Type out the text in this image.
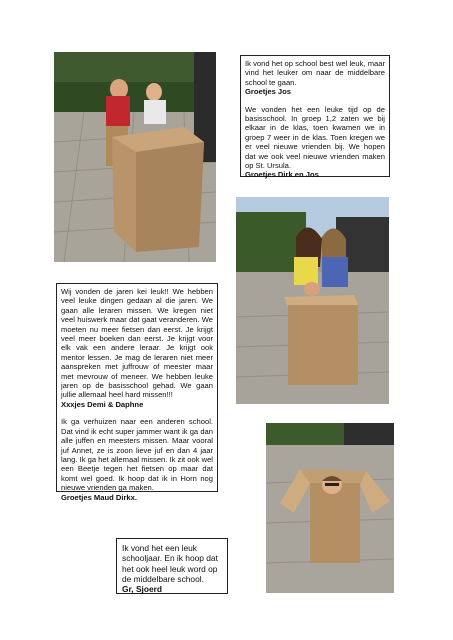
Ik vond het op school best wel leuk, maar vind het leuker om naar de middelbare school te gaan.
Groetjes Jos

We vonden het een leuke tijd op de basisschool. In groep 1,2 zaten we bij elkaar in de klas, toen kwamen we in groep 7 weer in de klas. Toen kregen we er veel nieuwe vrienden bij. We hopen dat we ook veel nieuwe vrienden maken op St. Ursula.
Groetjes Dirk en Jos

Wij vonden de jaren kei leuk!! We hebben veel leuke dingen gedaan al die jaren. We gaan alle leraren missen. We kregen niet veel huiswerk maar dat gaat veranderen. We moeten nu meer fietsen dan eerst. Je krijgt veel meer boeken dan eerst. Je krijgt voor elk vak een andere leraar. Je krijgt ook mentor lessen. Je mag de leraren niet meer aanspreken met juffrouw of meester maar met mevrouw of meneer. We hebben leuke jaren op de basisschool gehad. We gaan jullie allemaal heel hard missen!!!
Xxxjes Demi & Daphne

Ik ga verhuizen naar een anderen school. Dat vind ik echt super jammer want ik ga dan alle juffen en meesters missen. Maar vooral juf Annet, ze is zoon lieve juf en dan 4 jaar lang. Ik ga het allemaal missen. Ik zit ook wel een Beetje tegen het fietsen op maar dat komt wel goed. Ik hoop dat ik in Horn nog nieuwe vrienden ga maken.
Groetjes Maud Dirkx.

Ik vond het een leuk schooljaar. En ik hoop dat het ook heel leuk word op de middelbare school.
Gr, Sjoerd
